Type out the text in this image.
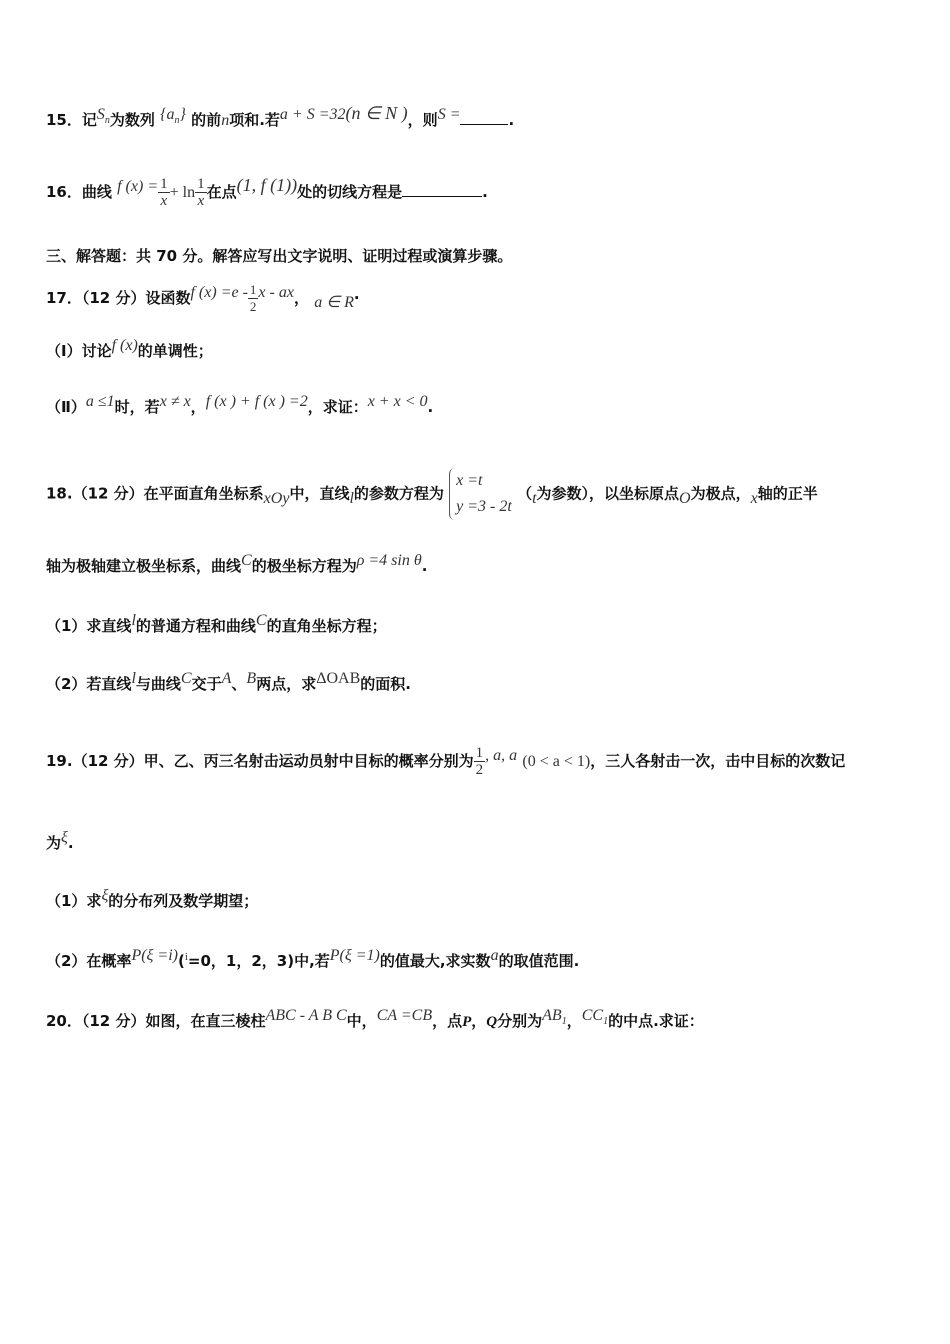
15．记$S_n$为数列 $\{a_n\}$ 的前n项和.若a + S =32(n ∈ N )，则S =	.
16．曲线 f $(x) = \frac{1}{x} + \ln \frac{1}{x}$ 在点(1, f (1))处的切线方程是	.
三、解答题：共 70 分。解答应写出文字说明、证明过程或演算步骤。
17．（12 分）设函数f $(x) =e - \frac{1}{2}$ x - ax， a ∈ R·
（Ⅰ）讨论f (x)的单调性；
（Ⅱ）a ≤1时，若x ≠ x，f (x ) + f (x ) =2，求证：x + x < 0.
18.（12 分）在平面直角坐标系xOy中，直线l的参数方程为
x =t
y =3 - 2t
（t为参数），以坐标原点O为极点，x轴的正半
轴为极轴建立极坐标系，曲线C的极坐标方程为ρ =4 sin θ.
（1）求直线l的普通方程和曲线C的直角坐标方程；
（2）若直线l与曲线C交于A、B两点，求ΔOAB的面积.
19.（12 分）甲、乙、丙三名射击运动员射中目标的概率分别为 $\frac{1}{2}$ , a, a (0 < a < 1)，三人各射击一次，击中目标的次数记
为ξ.
（1）求ξ的分布列及数学期望；
（2）在概率P(ξ =i)($^i$=0，1，2，3)中,若P(ξ =1)的值最大,求实数a的取值范围.
20．（12 分）如图，在直三棱柱ABC - A B C中，CA =CB，点P，Q分别为$AB_1$，$CC_1$的中点.求证：
